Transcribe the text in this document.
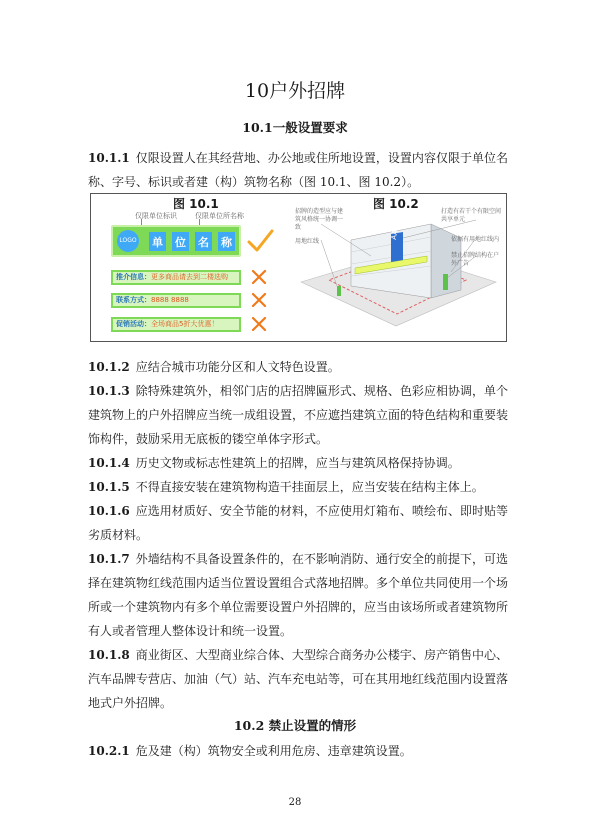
10户外招牌
10.1一般设置要求
10.1.1 仅限设置人在其经营地、办公地或住所地设置，设置内容仅限于单位名称、字号、标识或者建（构）筑物名称（图 10.1、图 10.2）。
图 10.1
仅限单位标识	仅限单位所名称
LOGO 单 位 名 称
推介信息：更多商品请去到二楼选购
联系方式：8888 8888
促销活动：全场商品5折大优惠！
图 10.2
AA大厦
招牌的造型应与建筑风格统一协调一致
用地红线
打造有若干个有限空间共享单元
依据有用地红线内
禁止招牌结构在户外广告
10.1.2 应结合城市功能分区和人文特色设置。
10.1.3 除特殊建筑外，相邻门店的店招牌匾形式、规格、色彩应相协调，单个建筑物上的户外招牌应当统一成组设置，不应遮挡建筑立面的特色结构和重要装饰构件，鼓励采用无底板的镂空单体字形式。
10.1.4 历史文物或标志性建筑上的招牌，应当与建筑风格保持协调。
10.1.5 不得直接安装在建筑物构造干挂面层上，应当安装在结构主体上。
10.1.6 应选用材质好、安全节能的材料，不应使用灯箱布、喷绘布、即时贴等劣质材料。
10.1.7 外墙结构不具备设置条件的，在不影响消防、通行安全的前提下，可选择在建筑物红线范围内适当位置设置组合式落地招牌。多个单位共同使用一个场所或一个建筑物内有多个单位需要设置户外招牌的，应当由该场所或者建筑物所有人或者管理人整体设计和统一设置。
10.1.8 商业街区、大型商业综合体、大型综合商务办公楼宇、房产销售中心、汽车品牌专营店、加油（气）站、汽车充电站等，可在其用地红线范围内设置落地式户外招牌。
10.2 禁止设置的情形
10.2.1 危及建（构）筑物安全或利用危房、违章建筑设置。
28
